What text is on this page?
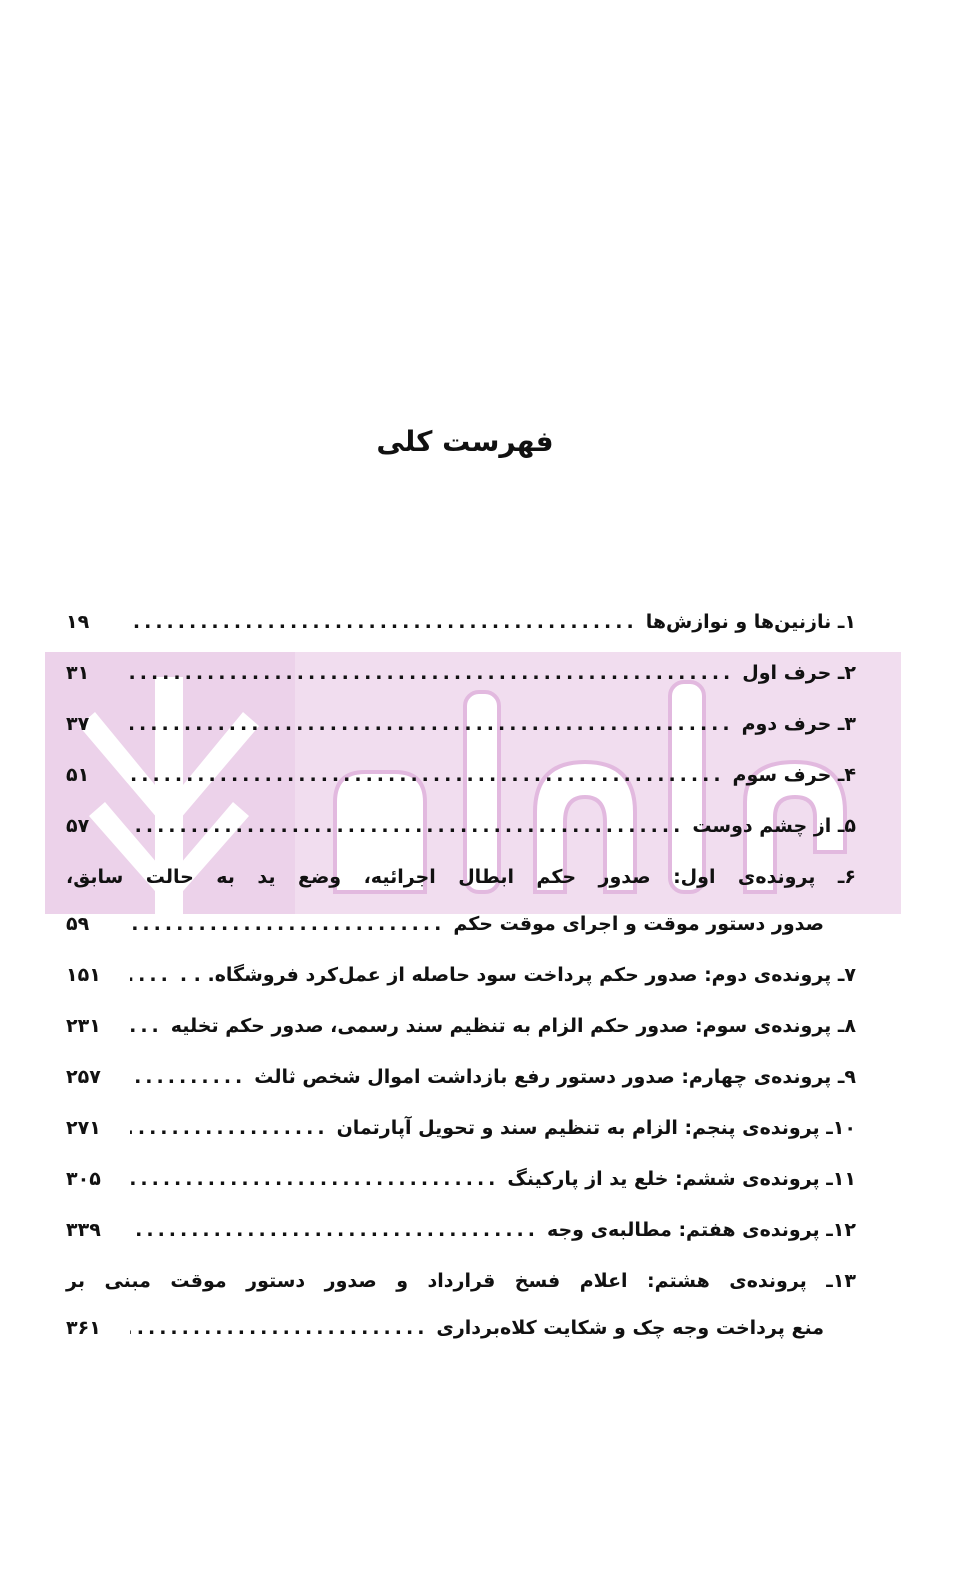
فهرست کلی
۱ـ نازنین‌ها و نوازش‌ها
.....
۱۹
۲ـ حرف اول
.....
۳۱
۳ـ حرف دوم
.....
۳۷
۴ـ حرف سوم
.....
۵۱
۵ـ از چشم دوست
.....
۵۷
۶ـ پرونده‌ی اول: صدور حکم ابطال اجرائیه، وضع ید به حالت سابق،
صدور دستور موقت و اجرای موقت حکم
.....
۵۹
۷ـ پرونده‌ی دوم: صدور حکم پرداخت سود حاصله از عمل‌کرد فروشگاه. . .
.....
۱۵۱
۸ـ پرونده‌ی سوم: صدور حکم الزام به تنظیم سند رسمی، صدور حکم تخلیه
.....
۲۳۱
۹ـ پرونده‌ی چهارم: صدور دستور رفع بازداشت اموال شخص ثالث
.....
۲۵۷
۱۰ـ پرونده‌ی پنجم: الزام به تنظیم سند و تحویل آپارتمان
.....
۲۷۱
۱۱ـ پرونده‌ی ششم: خلع ید از پارکینگ
.....
۳۰۵
۱۲ـ پرونده‌ی هفتم: مطالبه‌ی وجه
.....
۳۳۹
۱۳ـ پرونده‌ی هشتم: اعلام فسخ قرارداد و صدور دستور موقت مبنی بر
منع پرداخت وجه چک و شکایت کلاه‌برداری
.....
۳۶۱
